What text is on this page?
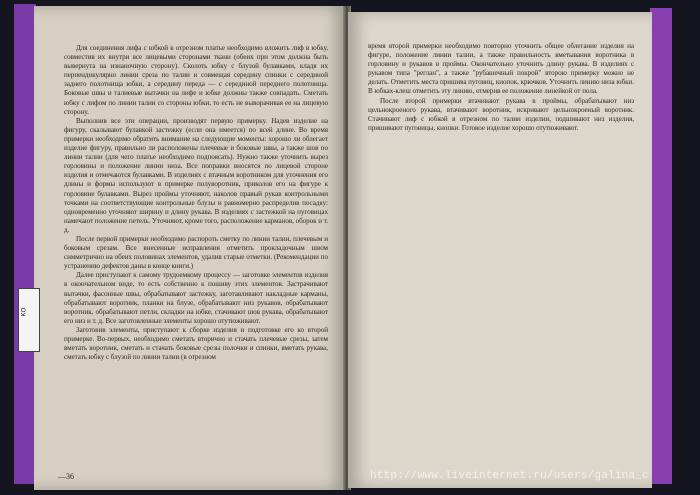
Для соединения лифа с юбкой в отрезном платье необходимо вложить лиф в юбку, совместив их внутри все лицевыми сторонами ткани (обеих при этом должна быть вывернута на изнаночную сторону). Сколоть юбку с блузой булавками, кладя их перпендикулярно линии среза по талии и совмещая середину спинки с серединой заднего полотнища юбки, а середину переда — с серединой переднего полотнища. Боковые швы и талиевые вытачки на лифе и юбке должны также совпадать. Сметать юбку с лифом по линии талии со стороны юбки, то есть не выворачивая ее на лицевую сторону.

Выполнив все эти операции, производят первую примерку. Надев изделие на фигуру, скалывают булавкой застежку (если она имеется) по всей длине. Во время примерки необходимо обратить внимание на следующие моменты: хорошо ли облегает изделие фигуру, правильно ли расположены плечевые и боковые швы, а также шов по линии талии (для чего платье необходимо подпоясать). Нужно также уточнить вырез горловины и положение линии низа. Все поправки вносятся по лицевой стороне изделия и отмечаются булавками. В изделиях с втачным воротником для уточнения его длины и формы используют в примерке полуворотник, приколов его на фигуре к горловине булавками. Вырез проймы уточняют, наколов правый рукав контрольными точками на соответствующие контрольные блузы и равномерно распределив посадку: одновременно уточняют ширину и длину рукава. В изделиях с застежкой на пуговицах намечают положение петель. Уточняют, кроме того, расположение карманов, оборок и т. д.

После первой примерки необходимо распороть сметку по линии талии, плечевым и боковым срезам. Все внесенные исправления отметить прокладочным швом симметрично на обеих половинах элементов, удалив старые отметки. (Рекомендации по устранению дефектов даны в конце книги.)

Далее приступают к самому трудоемкому процессу — заготовке элементов изделия в окончательном виде, то есть собственно к пошиву этих элементов. Застрачивают вытачки, фасонные швы, обрабатывают застежку, заготавливают накладные карманы, обрабатывают воротник, планки на блузе, обрабатывают низ рукавов, обрабатывают воротник, обрабатывают петли, складки на юбке, стачивают шов рукава, обрабатывают его низ и т. д. Все заготовленные элементы хорошо отутюживают.

Заготовив элементы, приступают к сборке изделия и подготовке его ко второй примерке. Во-первых, необходимо сметать вторично и стачать плечевые срезы, затем вметать воротник, сметать и стачать боковые срезы полочки и спинки, вметать рукава, сметать юбку с блузой по линии талии (в отрезном

—36

время второй примерки необходимо повторно уточнить общее облегание изделия на фигуре, положение линии талии, а также правильность вметывания воротника в горловину и рукавов в проймы. Окончательно уточнить длину рукава. В изделиях с рукавом типа "реглан", а также "рубашечный покрой" второю примерку можно не делать. Отметить места пришива пуговиц, кнопок, крючков. Уточнить линию низа юбки. В юбках-клеш отметить эту линию, отмерив ее положение линейкой от пола.

После второй примерки втачивают рукава в проймы, обрабатывают низ цельнокроеного рукава, втачивают воротник, искривают цельнокроеный воротник. Стачивают лиф с юбкой в отрезном по талии изделии, подшивают низ изделия, пришивают пуговицы, кнопки. Готовое изделие хорошо отутюживают.

KO
http://www.liveinternet.ru/users/galina_c
